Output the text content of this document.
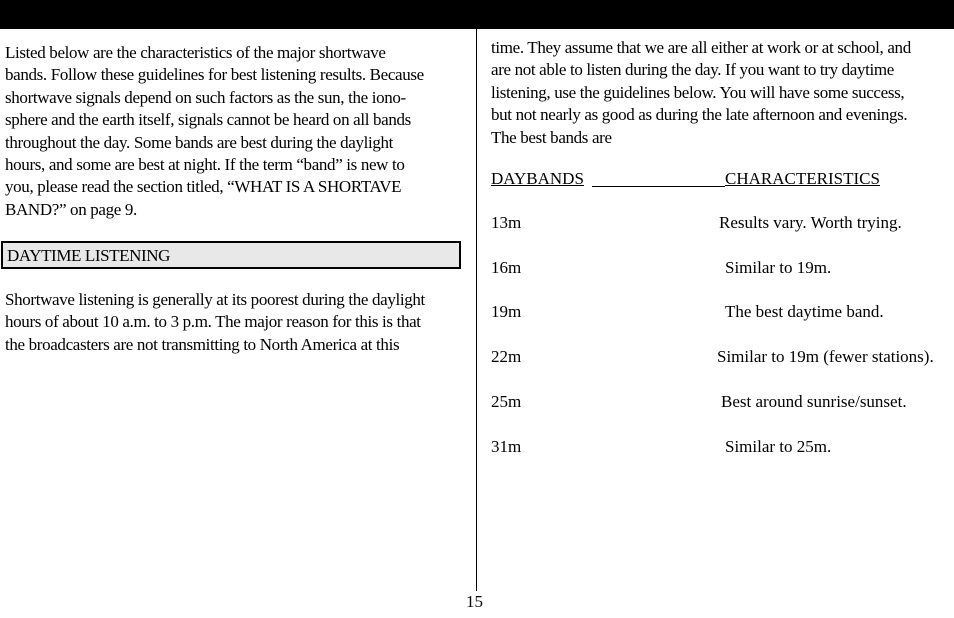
Listed below are the characteristics of the major shortwave

bands. Follow these guidelines for best listening results. Because

shortwave signals depend on such factors as the sun, the iono-

sphere and the earth itself, signals cannot be heard on all bands

throughout the day. Some bands are best during the daylight

hours, and some are best at night. If the term “band” is new to

you, please read the section titled, “WHAT IS A SHORTAVE

BAND?” on page 9.

DAYTIME LISTENING

Shortwave listening is generally at its poorest during the daylight

hours of about 10 a.m. to 3 p.m. The major reason for this is that

the broadcasters are not transmitting to North America at this

time. They assume that we are all either at work or at school, and

are not able to listen during the day. If you want to try daytime

listening, use the guidelines below. You will have some success,

but not nearly as good as during the late afternoon and evenings.

The best bands are

DAYBANDS	CHARACTERISTICS
13m	Results vary. Worth trying.
16m	Similar to 19m.
19m	The best daytime band.
22m	Similar to 19m (fewer stations).
25m	Best around sunrise/sunset.
31m	Similar to 25m.
15
